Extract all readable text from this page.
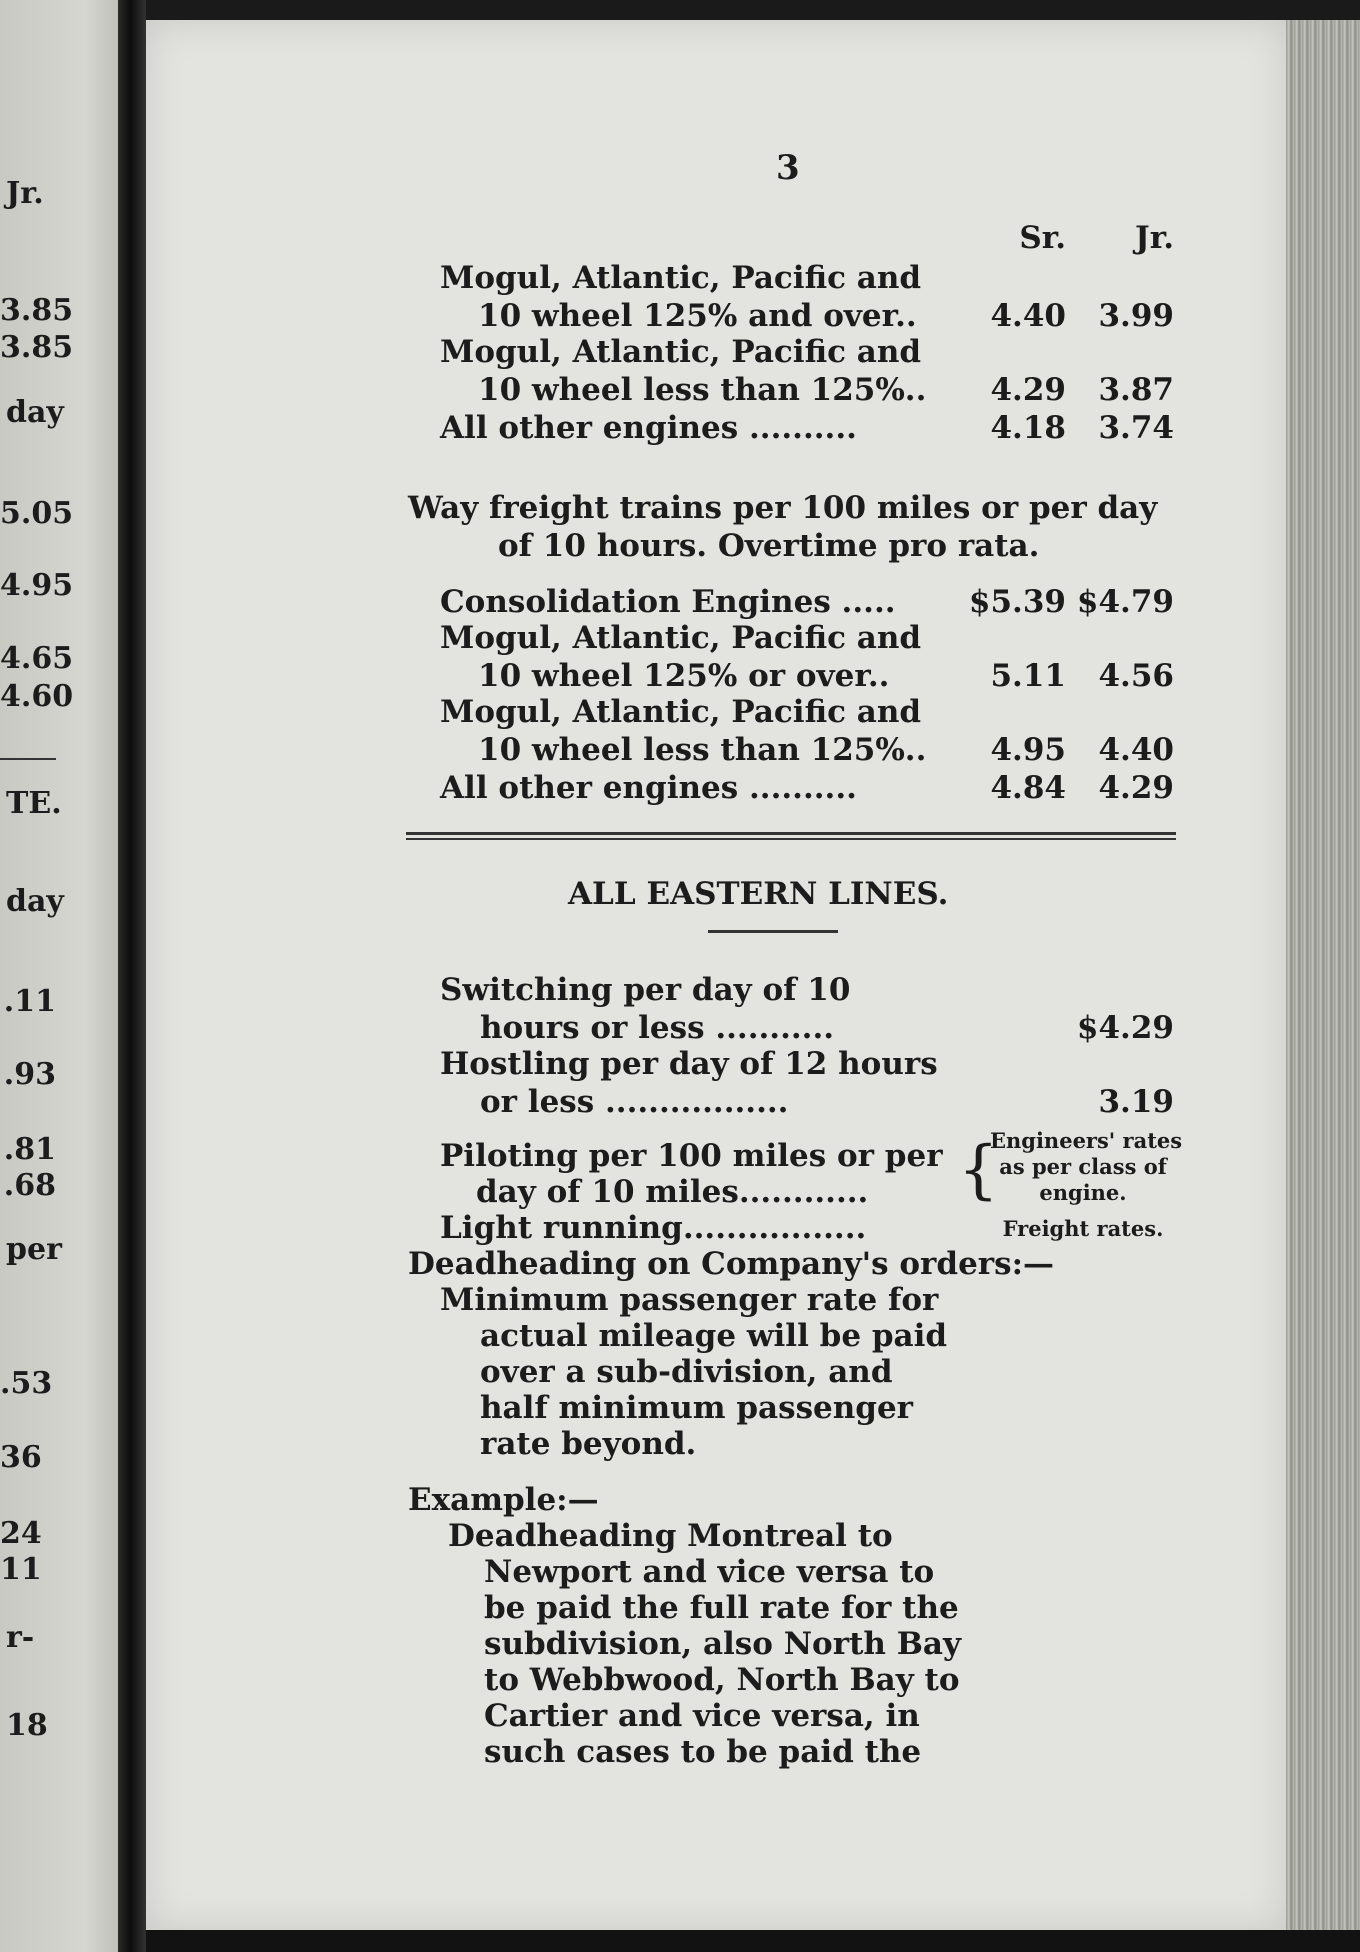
Jr.
3.85
3.85
day
5.05
4.95
4.65
4.60
TE.
day
.11
.93
.81
.68
per
.53
36
24
11
r-
18
3
Sr.	Jr.
Mogul, Atlantic, Pacific and
10 wheel 125% and over..	4.40	3.99
Mogul, Atlantic, Pacific and
10 wheel less than 125%..	4.29	3.87
All other engines ..........	4.18	3.74
Way freight trains per 100 miles or per day
of 10 hours. Overtime pro rata.
Consolidation Engines .....	$5.39 $4.79
Mogul, Atlantic, Pacific and
10 wheel 125% or over..	5.11	4.56
Mogul, Atlantic, Pacific and
10 wheel less than 125%..	4.95	4.40
All other engines ..........	4.84	4.29
ALL EASTERN LINES.
Switching per day of 10
hours or less ...........	$4.29
Hostling per day of 12 hours
or less .................	3.19
Piloting per 100 miles or per
day of 10 miles............ {
Engineers' rates
as per class of
engine.
Light running.................	Freight rates.
Deadheading on Company's orders:—
Minimum passenger rate for
actual mileage will be paid
over a sub-division, and
half minimum passenger
rate beyond.
Example:—
Deadheading Montreal to
Newport and vice versa to
be paid the full rate for the
subdivision, also North Bay
to Webbwood, North Bay to
Cartier and vice versa, in
such cases to be paid the
